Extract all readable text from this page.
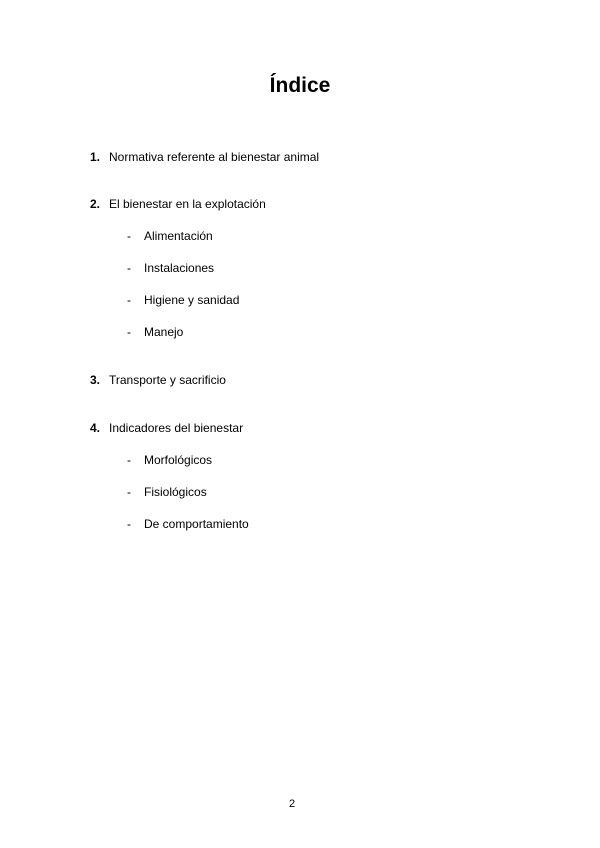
Índice
1. Normativa referente al bienestar animal
2. El bienestar en la explotación
- Alimentación
- Instalaciones
- Higiene y sanidad
- Manejo
3. Transporte y sacrificio
4. Indicadores del bienestar
- Morfológicos
- Fisiológicos
- De comportamiento
2
